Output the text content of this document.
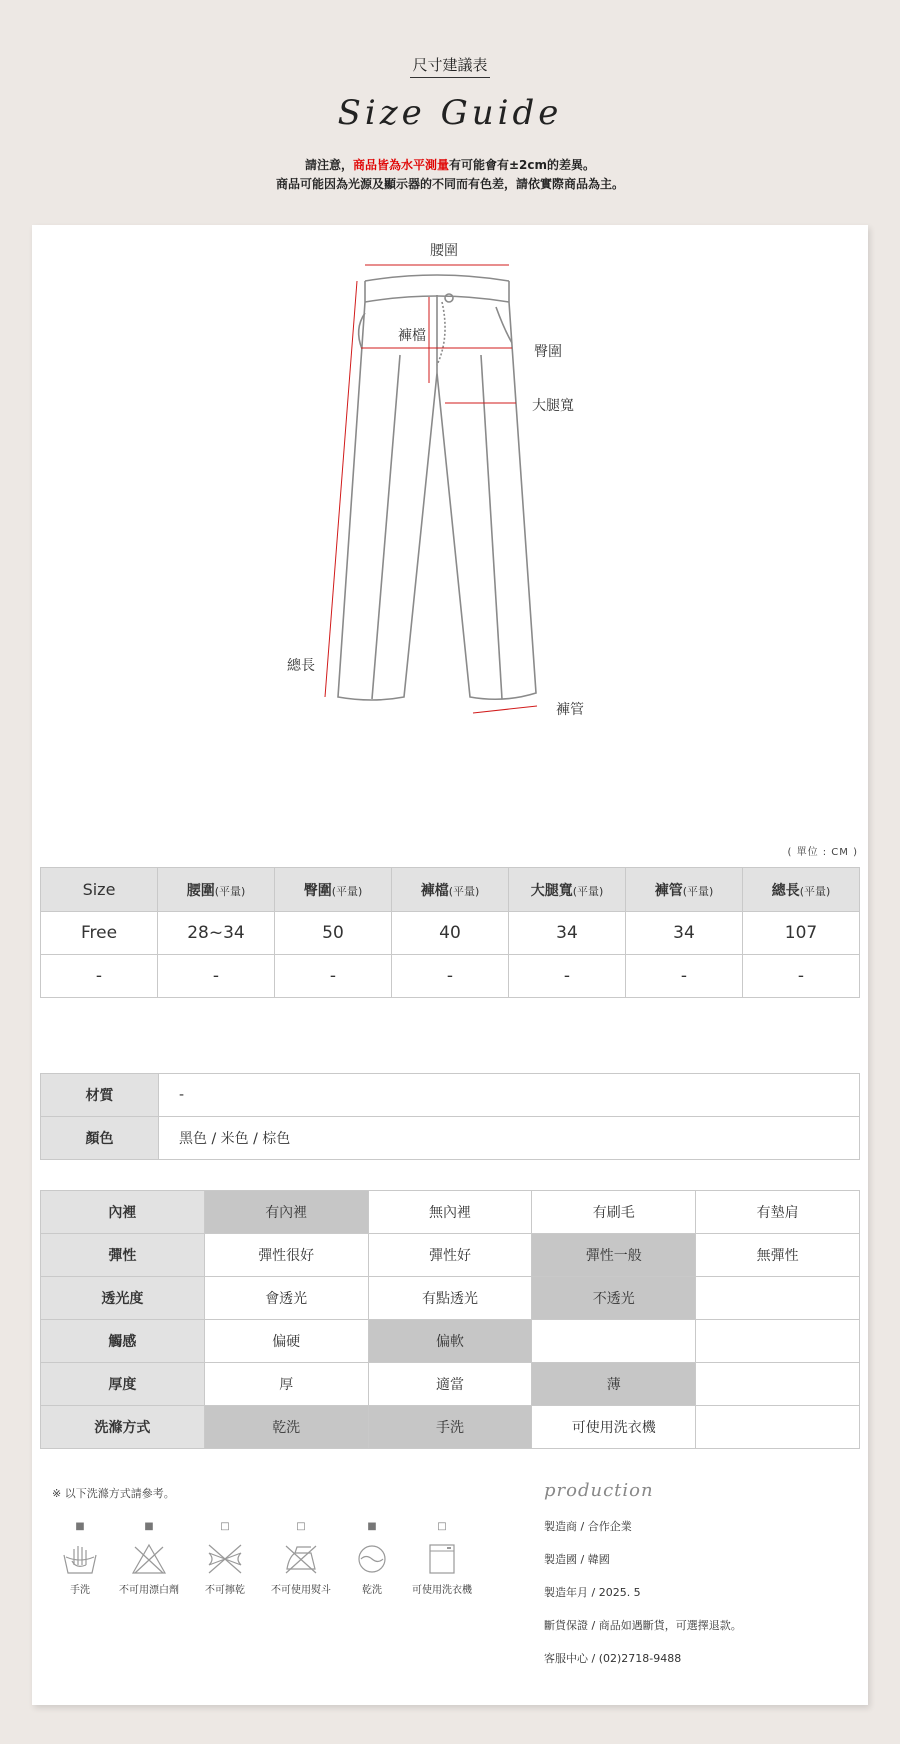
尺寸建議表
Size Guide
請注意，商品皆為水平測量有可能會有±2cm的差異。
商品可能因為光源及顯示器的不同而有色差，請依實際商品為主。
腰圍
褲檔
臀圍
大腿寬
總長
褲管
( 單位 : CM )
Size	腰圍(平量)	臀圍(平量)	褲檔(平量)	大腿寬(平量)	褲管(平量)	總長(平量)
Free	28~34	50	40	34	34	107
-	-	-	-	-	-	-
材質	-
顏色	黑色 / 米色 / 棕色
內裡	有內裡	無內裡	有刷毛	有墊肩
彈性	彈性很好	彈性好	彈性一般	無彈性
透光度	會透光	有點透光	不透光	
觸感	偏硬	偏軟		
厚度	厚	適當	薄	
洗滌方式	乾洗	手洗	可使用洗衣機	
※ 以下洗滌方式請參考。
■
手洗
■
不可用漂白劑
□
不可擰乾
□
不可使用熨斗
■
乾洗
□
可使用洗衣機
production
製造商 / 合作企業
製造國 / 韓國
製造年月 / 2025. 5
斷貨保證 / 商品如遇斷貨，可選擇退款。
客服中心 / (02)2718-9488
